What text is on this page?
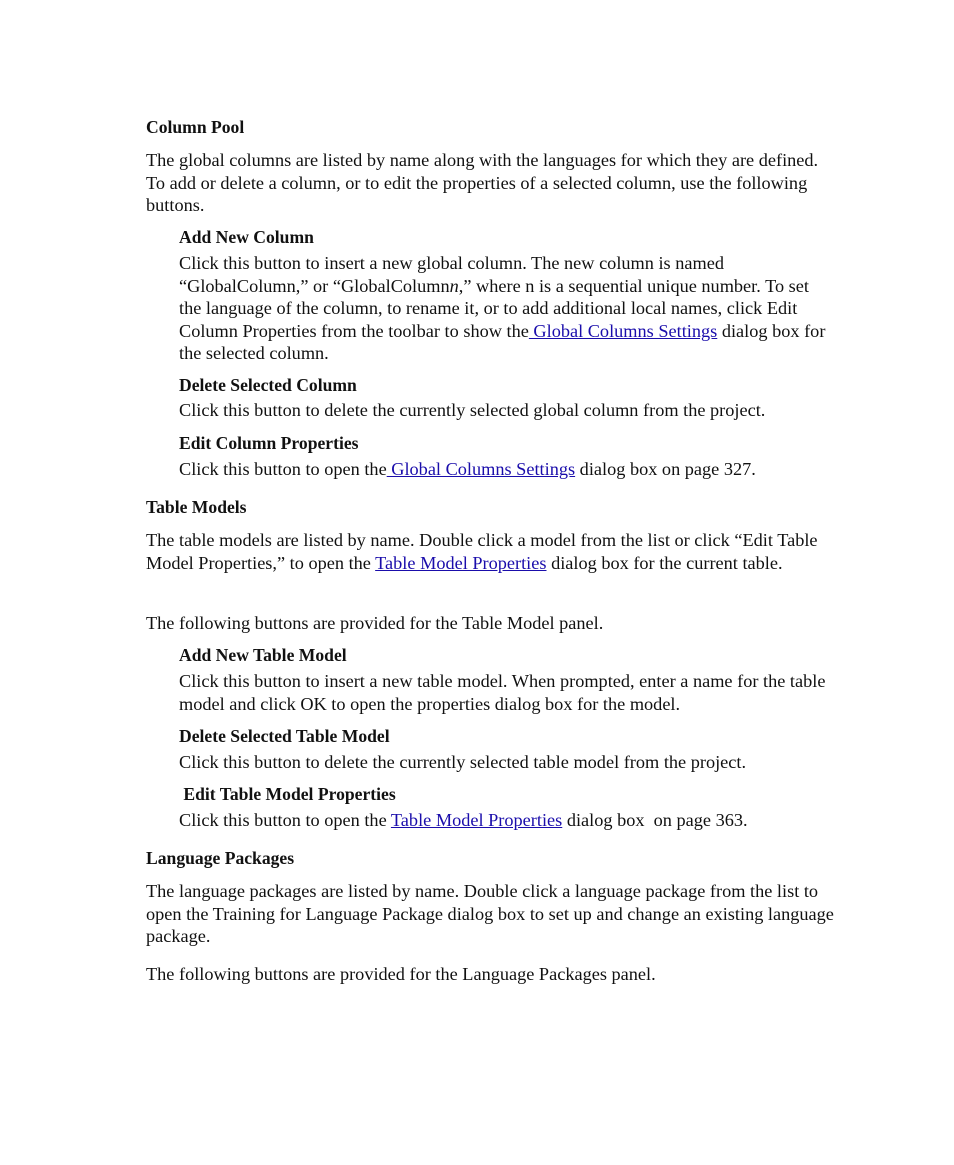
Column Pool
The global columns are listed by name along with the languages for which they are defined. To add or delete a column, or to edit the properties of a selected column, use the following buttons.
Add New Column
Click this button to insert a new global column. The new column is named “GlobalColumn,” or “GlobalColumnn,” where n is a sequential unique number. To set the language of the column, to rename it, or to add additional local names, click Edit Column Properties from the toolbar to show the Global Columns Settings dialog box for the selected column.
Delete Selected Column
Click this button to delete the currently selected global column from the project.
Edit Column Properties
Click this button to open the Global Columns Settings dialog box on page 327.
Table Models
The table models are listed by name. Double click a model from the list or click “Edit Table Model Properties,” to open the Table Model Properties dialog box for the current table.
The following buttons are provided for the Table Model panel.
Add New Table Model
Click this button to insert a new table model. When prompted, enter a name for the table model and click OK to open the properties dialog box for the model.
Delete Selected Table Model
Click this button to delete the currently selected table model from the project.
Edit Table Model Properties
Click this button to open the Table Model Properties dialog box  on page 363.
Language Packages
The language packages are listed by name. Double click a language package from the list to open the Training for Language Package dialog box to set up and change an existing language package.
The following buttons are provided for the Language Packages panel.
